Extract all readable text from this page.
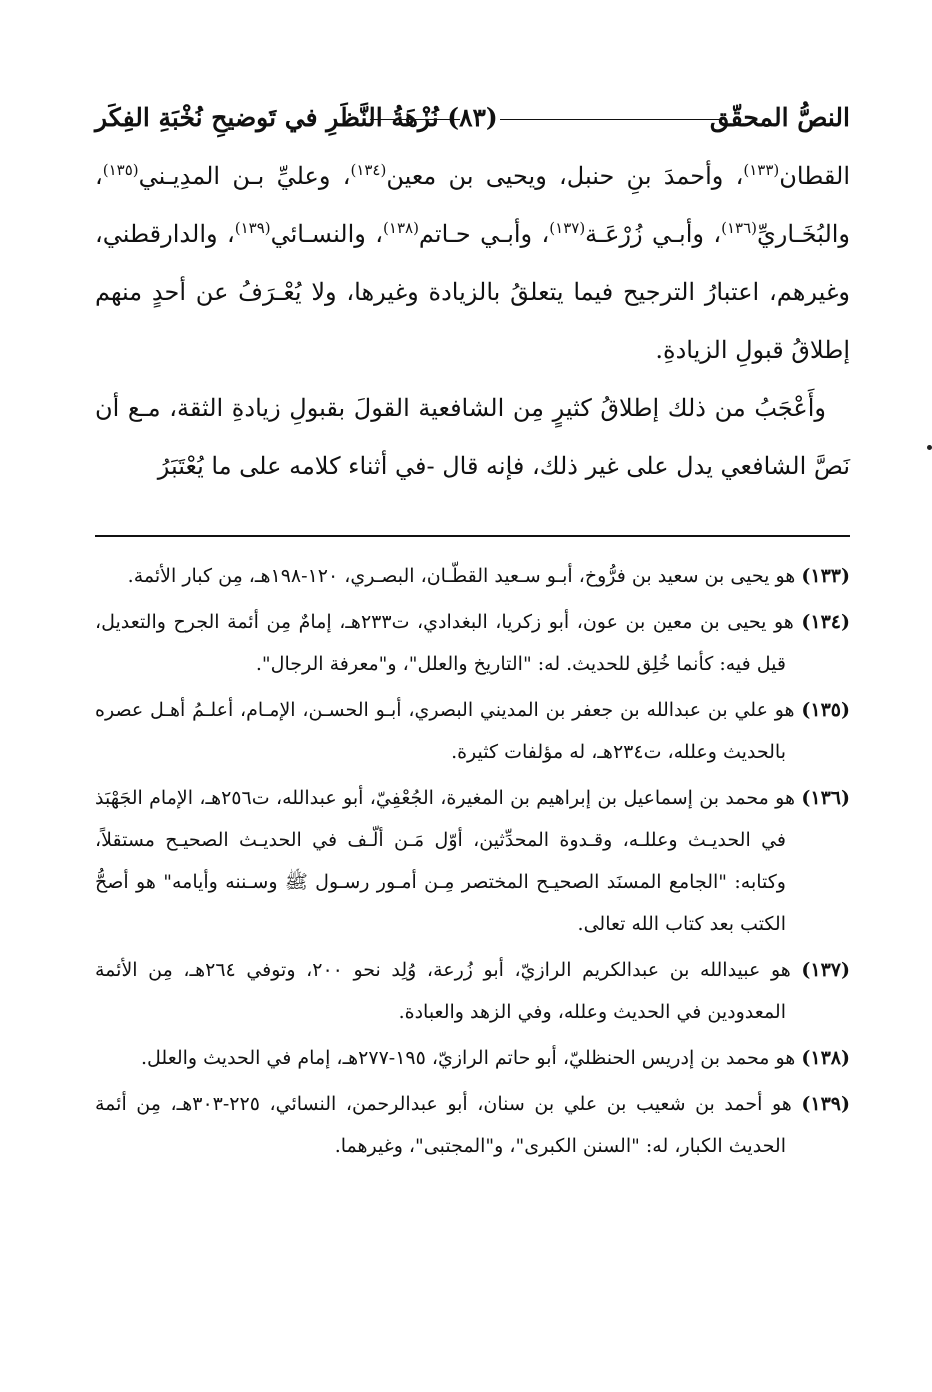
النصُّ المحقّق
(٨٣)
نُزْهَةُ النَّظَرِ في تَوضيحِ نُخْبَةِ الفِكَر

القطان$^{(١٣٣)}$، وأحمدَ بنِ حنبل، ويحيى بن معين$^{(١٣٤)}$، وعليِّ بـن المدِيـني$^{(١٣٥)}$، والبُخَـاريِّ$^{(١٣٦)}$، وأبـي زُرْعَـة$^{(١٣٧)}$، وأبـي حـاتم$^{(١٣٨)}$، والنسـائي$^{(١٣٩)}$، والدارقطني، وغيرهم، اعتبارُ الترجيح فيما يتعلقُ بالزيادة وغيرها، ولا يُعْـرَفُ عن أحدٍ منهم إطلاقُ قبولِ الزيادةِ.

وأَعْجَبُ من ذلك إطلاقُ كثيرٍ مِن الشافعية القولَ بقبولِ زيادةِ الثقة، مـع أن نَصَّ الشافعي يدل على غير ذلك، فإنه قال -في أثناء كلامه على ما يُعْتَبَرُ

(١٣٣) هو يحيى بن سعيد بن فرُّوخ، أبـو سـعيد القطّـان، البصـري، ١٢٠-١٩٨هـ، مِن كبار الأئمة.

(١٣٤) هو يحيى بن معين بن عون، أبو زكريا، البغدادي، ت٢٣٣هـ، إمامٌ مِن أئمة الجرح والتعديل، قيل فيه: كأنما خُلِق للحديث. له: "التاريخ والعلل"، و"معرفة الرجال".

(١٣٥) هو علي بن عبدالله بن جعفر بن المديني البصري، أبـو الحسـن، الإمـام، أعلـمُ أهـل عصره بالحديث وعلله، ت٢٣٤هـ، له مؤلفات كثيرة.

(١٣٦) هو محمد بن إسماعيل بن إبراهيم بن المغيرة، الجُعْفِيّ، أبو عبدالله، ت٢٥٦هـ، الإمام الجَهْبَذ في الحديـث وعللـه، وقـدوة المحدِّثين، أوّل مَـن ألّـف في الحديـث الصحيـح مستقلاً، وكتابه: "الجامع المسنَد الصحيـح المختصر مِـن أمـور رسـول ﷺ وسـننه وأيامه" هو أصحُّ الكتب بعد كتاب الله تعالى.

(١٣٧) هو عبيدالله بن عبدالكريم الرازيّ، أبو زُرعة، وُلِد نحو ٢٠٠، وتوفي ٢٦٤هـ، مِن الأئمة المعدودين في الحديث وعلله، وفي الزهد والعبادة.

(١٣٨) هو محمد بن إدريس الحنظليّ، أبو حاتم الرازيّ، ١٩٥-٢٧٧هـ، إمام في الحديث والعلل.

(١٣٩) هو أحمد بن شعيب بن علي بن سنان، أبو عبدالرحمن، النسائي، ٢٢٥-٣٠٣هـ، مِن أئمة الحديث الكبار، له: "السنن الكبرى"، و"المجتبى"، وغيرهما.
